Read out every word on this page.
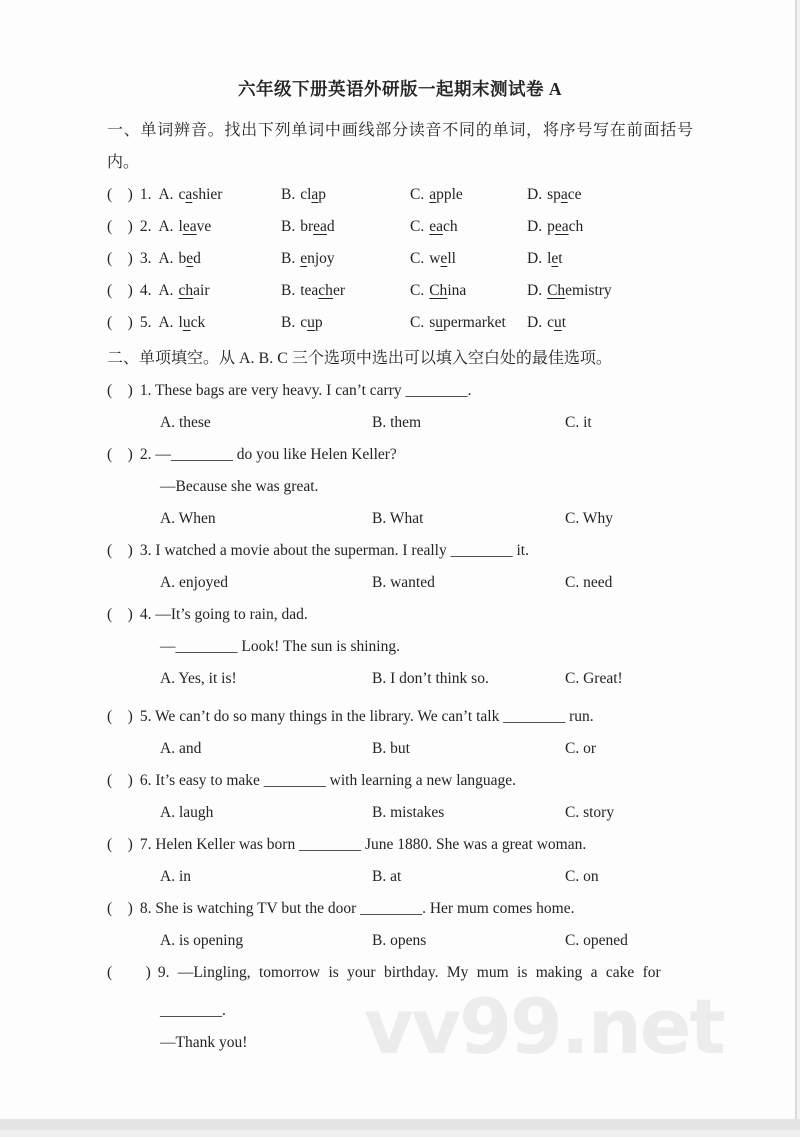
六年级下册英语外研版一起期末测试卷 A

一、单词辨音。找出下列单词中画线部分读音不同的单词，将序号写在前面括号内。

(    ) 1. A. cashier	B. clap	C. apple	D. space
(    ) 2. A. leave	B. bread	C. each	D. peach
(    ) 3. A. bed	B. enjoy	C. well	D. let
(    ) 4. A. chair	B. teacher	C. China	D. Chemistry
(    ) 5. A. luck	B. cup	C. supermarket	D. cut

二、单项填空。从 A. B. C 三个选项中选出可以填入空白处的最佳选项。

(    ) 1. These bags are very heavy. I can’t carry ________.
A. these	B. them	C. it
(    ) 2. —________ do you like Helen Keller?
—Because she was great.
A. When	B. What	C. Why
(    ) 3. I watched a movie about the superman. I really ________ it.
A. enjoyed	B. wanted	C. need
(    ) 4. —It’s going to rain, dad.
—________ Look! The sun is shining.
A. Yes, it is!	B. I don’t think so.	C. Great!
(    ) 5. We can’t do so many things in the library. We can’t talk ________ run.
A. and	B. but	C. or
(    ) 6. It’s easy to make ________ with learning a new language.
A. laugh	B. mistakes	C. story
(    ) 7. Helen Keller was born ________ June 1880. She was a great woman.
A. in	B. at	C. on
(    ) 8. She is watching TV but the door ________. Her mum comes home.
A. is opening	B. opens	C. opened
(    ) 9. —Lingling, tomorrow is your birthday. My mum is making a cake for
________.
—Thank you!	vv99.net
